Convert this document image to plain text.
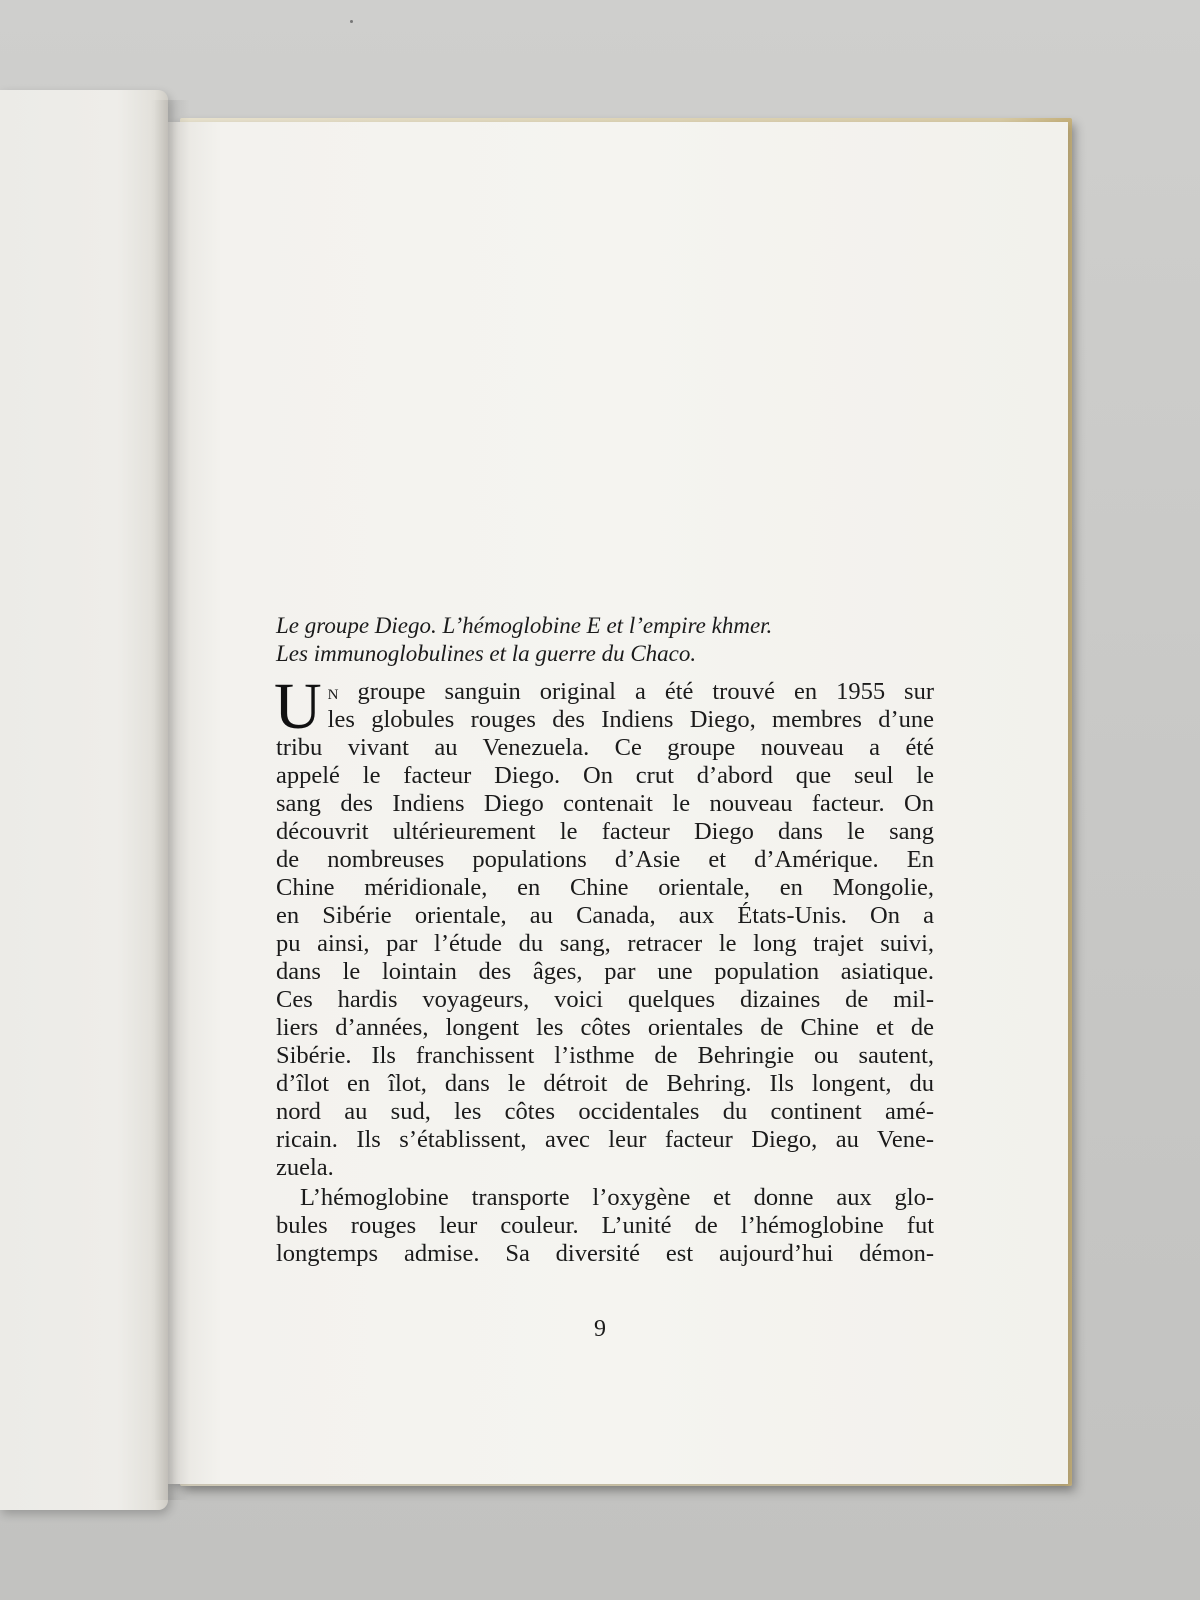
Le groupe Diego. L’hémoglobine E et l’empire khmer.
Les immunoglobulines et la guerre du Chaco.
U n groupe sanguin original a été trouvé en 1955 sur
les globules rouges des Indiens Diego, membres d’une
tribu vivant au Venezuela. Ce groupe nouveau a été
appelé le facteur Diego. On crut d’abord que seul le
sang des Indiens Diego contenait le nouveau facteur. On
découvrit ultérieurement le facteur Diego dans le sang
de nombreuses populations d’Asie et d’Amérique. En
Chine méridionale, en Chine orientale, en Mongolie,
en Sibérie orientale, au Canada, aux États-Unis. On a
pu ainsi, par l’étude du sang, retracer le long trajet suivi,
dans le lointain des âges, par une population asiatique.
Ces hardis voyageurs, voici quelques dizaines de mil-
liers d’années, longent les côtes orientales de Chine et de
Sibérie. Ils franchissent l’isthme de Behringie ou sautent,
d’îlot en îlot, dans le détroit de Behring. Ils longent, du
nord au sud, les côtes occidentales du continent amé-
ricain. Ils s’établissent, avec leur facteur Diego, au Vene-
zuela.
L’hémoglobine transporte l’oxygène et donne aux glo-
bules rouges leur couleur. L’unité de l’hémoglobine fut
longtemps admise. Sa diversité est aujourd’hui démon-
9
